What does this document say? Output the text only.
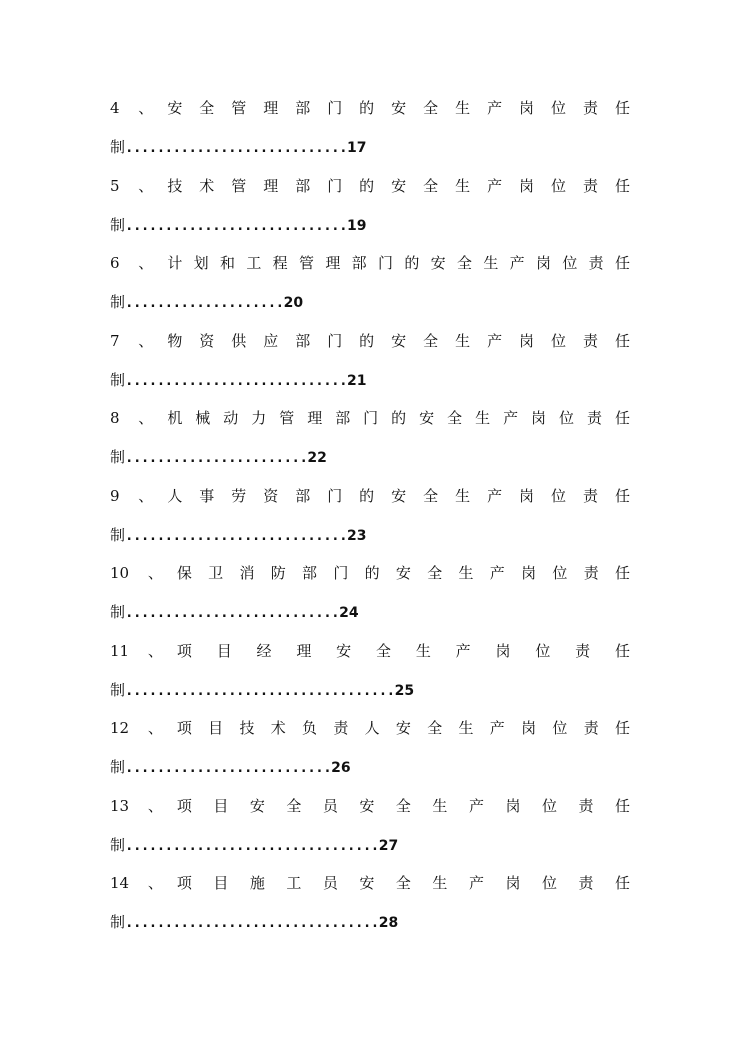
4 、 安全管理部门的安全生产岗位责任
制............................17
5 、 技术管理部门的安全生产岗位责任
制............................19
6 、 计划和工程管理部门的安全生产岗位责任
制....................20
7 、 物资供应部门的安全生产岗位责任
制............................21
8 、 机械动力管理部门的安全生产岗位责任
制.......................22
9 、 人事劳资部门的安全生产岗位责任
制............................23
10 、 保卫消防部门的安全生产岗位责任
制...........................24
11 、 项目经理安全生产岗位责任
制..................................25
12 、 项目技术负责人安全生产岗位责任
制..........................26
13 、 项目安全员安全生产岗位责任
制................................27
14 、 项目施工员安全生产岗位责任
制................................28
